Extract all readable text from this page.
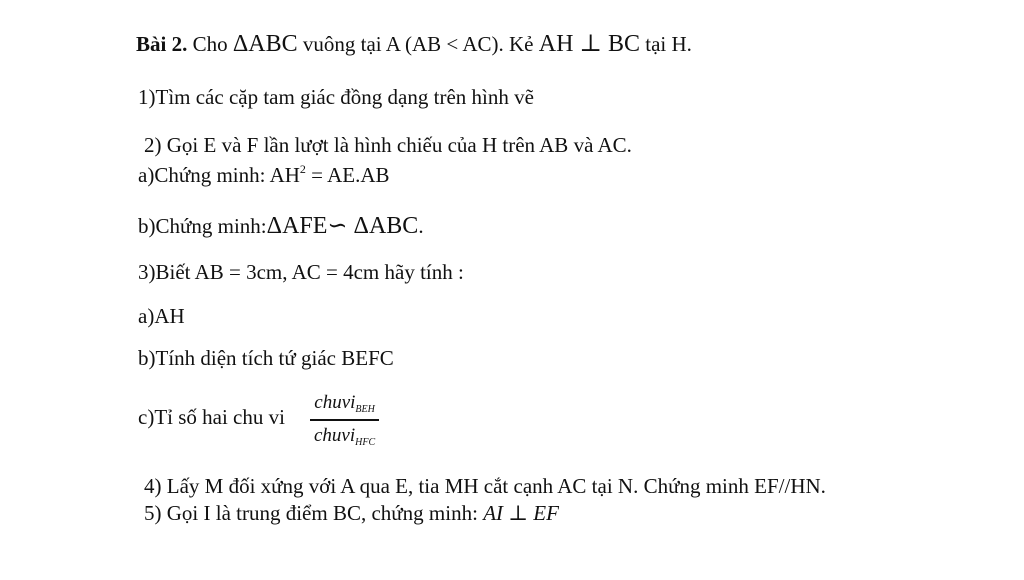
Bài 2. Cho ΔABC vuông tại A (AB < AC). Kẻ AH ⊥ BC tại H.
1)Tìm các cặp tam giác đồng dạng trên hình vẽ
2) Gọi E và F lần lượt là hình chiếu của H trên AB và AC.
a)Chứng minh: $AH^2 = AE.AB$
b)Chứng minh:ΔAFE∽ ΔABC.
3)Biết AB = 3cm, AC = 4cm hãy tính :
a)AH
b)Tính diện tích tứ giác BEFC
c)Tỉ số hai chu vi
chuvi$_{BEH}$
chuvi$_{HFC}$
4) Lấy M đối xứng với A qua E, tia MH cắt cạnh AC tại N. Chứng minh EF//HN.
5) Gọi I là trung điểm BC, chứng minh: AI ⊥ EF
